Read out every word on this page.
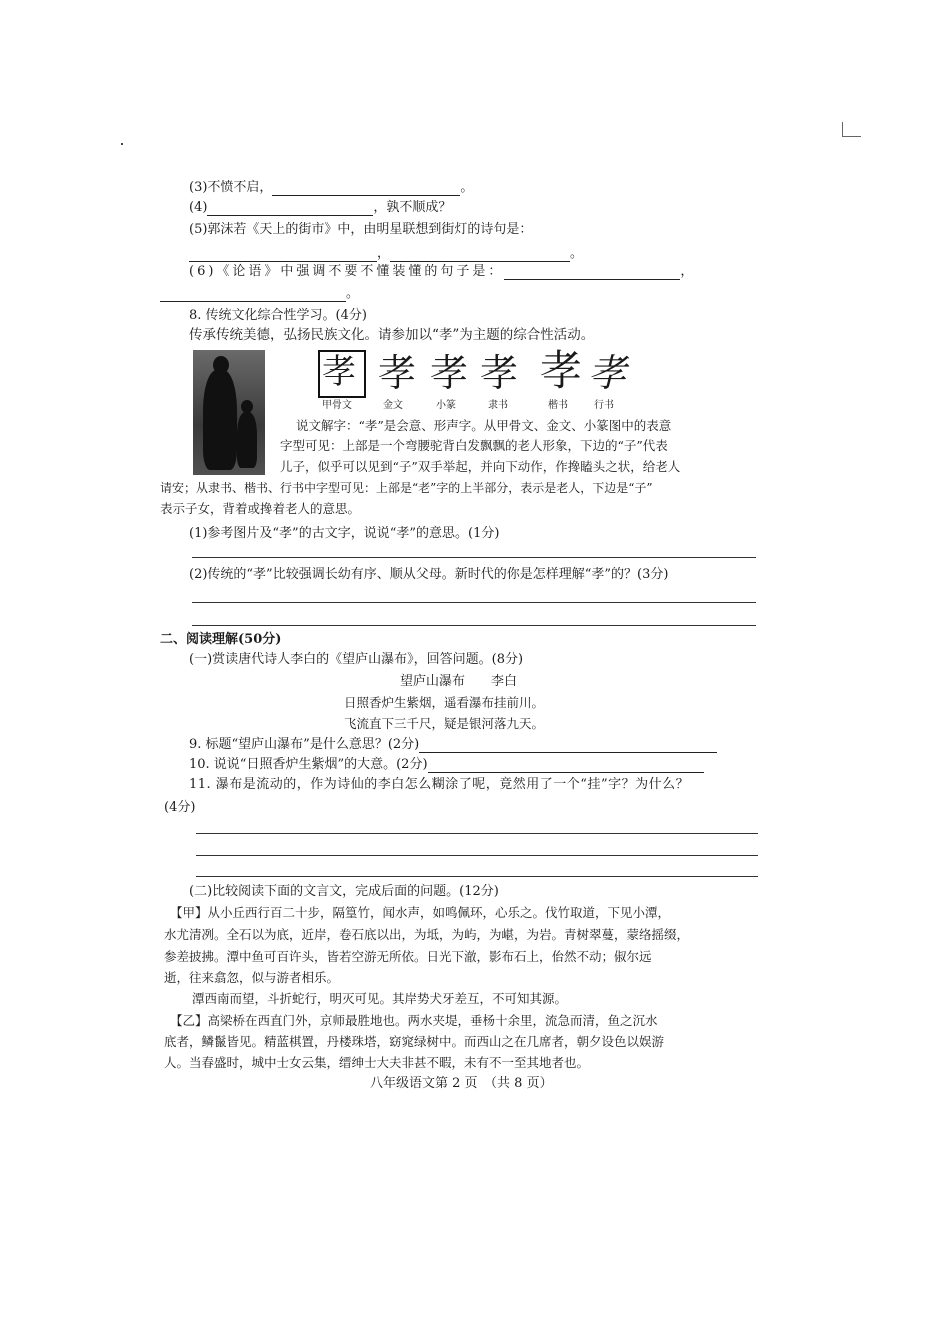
(3)不愤不启，	。
(4)	，孰不顺成？
(5)郭沫若《天上的街市》中，由明星联想到街灯的诗句是：
，	。
(6)《论语》中强调不要不懂装懂的句子是：	，
。
8. 传统文化综合性学习。(4分)
传承传统美德，弘扬民族文化。请参加以“孝”为主题的综合性活动。
孝 孝 孝 孝 孝 孝
甲骨文	金文	小篆	隶书	楷书	行书
说文解字：“孝”是会意、形声字。从甲骨文、金文、小篆图中的表意
字型可见：上部是一个弯腰驼背白发飘飘的老人形象，下边的“子”代表
儿子，似乎可以见到“子”双手举起，并向下动作，作搀瞌头之状，给老人
请安；从隶书、楷书、行书中字型可见：上部是“老”字的上半部分，表示是老人，下边是“子”
表示子女，背着或搀着老人的意思。
(1)参考图片及“孝”的古文字，说说“孝”的意思。(1分)
(2)传统的“孝”比较强调长幼有序、顺从父母。新时代的你是怎样理解“孝”的？(3分)
二、阅读理解(50分)
(一)赏读唐代诗人李白的《望庐山瀑布》，回答问题。(8分)
望庐山瀑布　　 李白
日照香炉生紫烟，遥看瀑布挂前川。
飞流直下三千尺，疑是银河落九天。
9. 标题“望庐山瀑布”是什么意思？(2分)
10. 说说“日照香炉生紫烟”的大意。(2分)
11. 瀑布是流动的，作为诗仙的李白怎么糊涂了呢，竟然用了一个“挂”字？为什么？
(4分)
(二)比较阅读下面的文言文，完成后面的问题。(12分)
【甲】从小丘西行百二十步，隔篁竹，闻水声，如鸣佩环，心乐之。伐竹取道，下见小潭，
水尤清冽。全石以为底，近岸，卷石底以出，为坻，为屿，为嵁，为岩。青树翠蔓，蒙络摇缀，
参差披拂。潭中鱼可百许头，皆若空游无所依。日光下澈，影布石上，佁然不动；俶尔远
逝，往来翕忽，似与游者相乐。
潭西南而望，斗折蛇行，明灭可见。其岸势犬牙差互，不可知其源。
【乙】高梁桥在西直门外，京师最胜地也。两水夹堤，垂杨十余里，流急而清，鱼之沉水
底者，鳞鬣皆见。精蓝棋置，丹楼珠塔，窈窕绿树中。而西山之在几席者，朝夕设色以娱游
人。当春盛时，城中士女云集，缙绅士大夫非甚不暇，未有不一至其地者也。
八年级语文第 2 页　（共 8 页）
